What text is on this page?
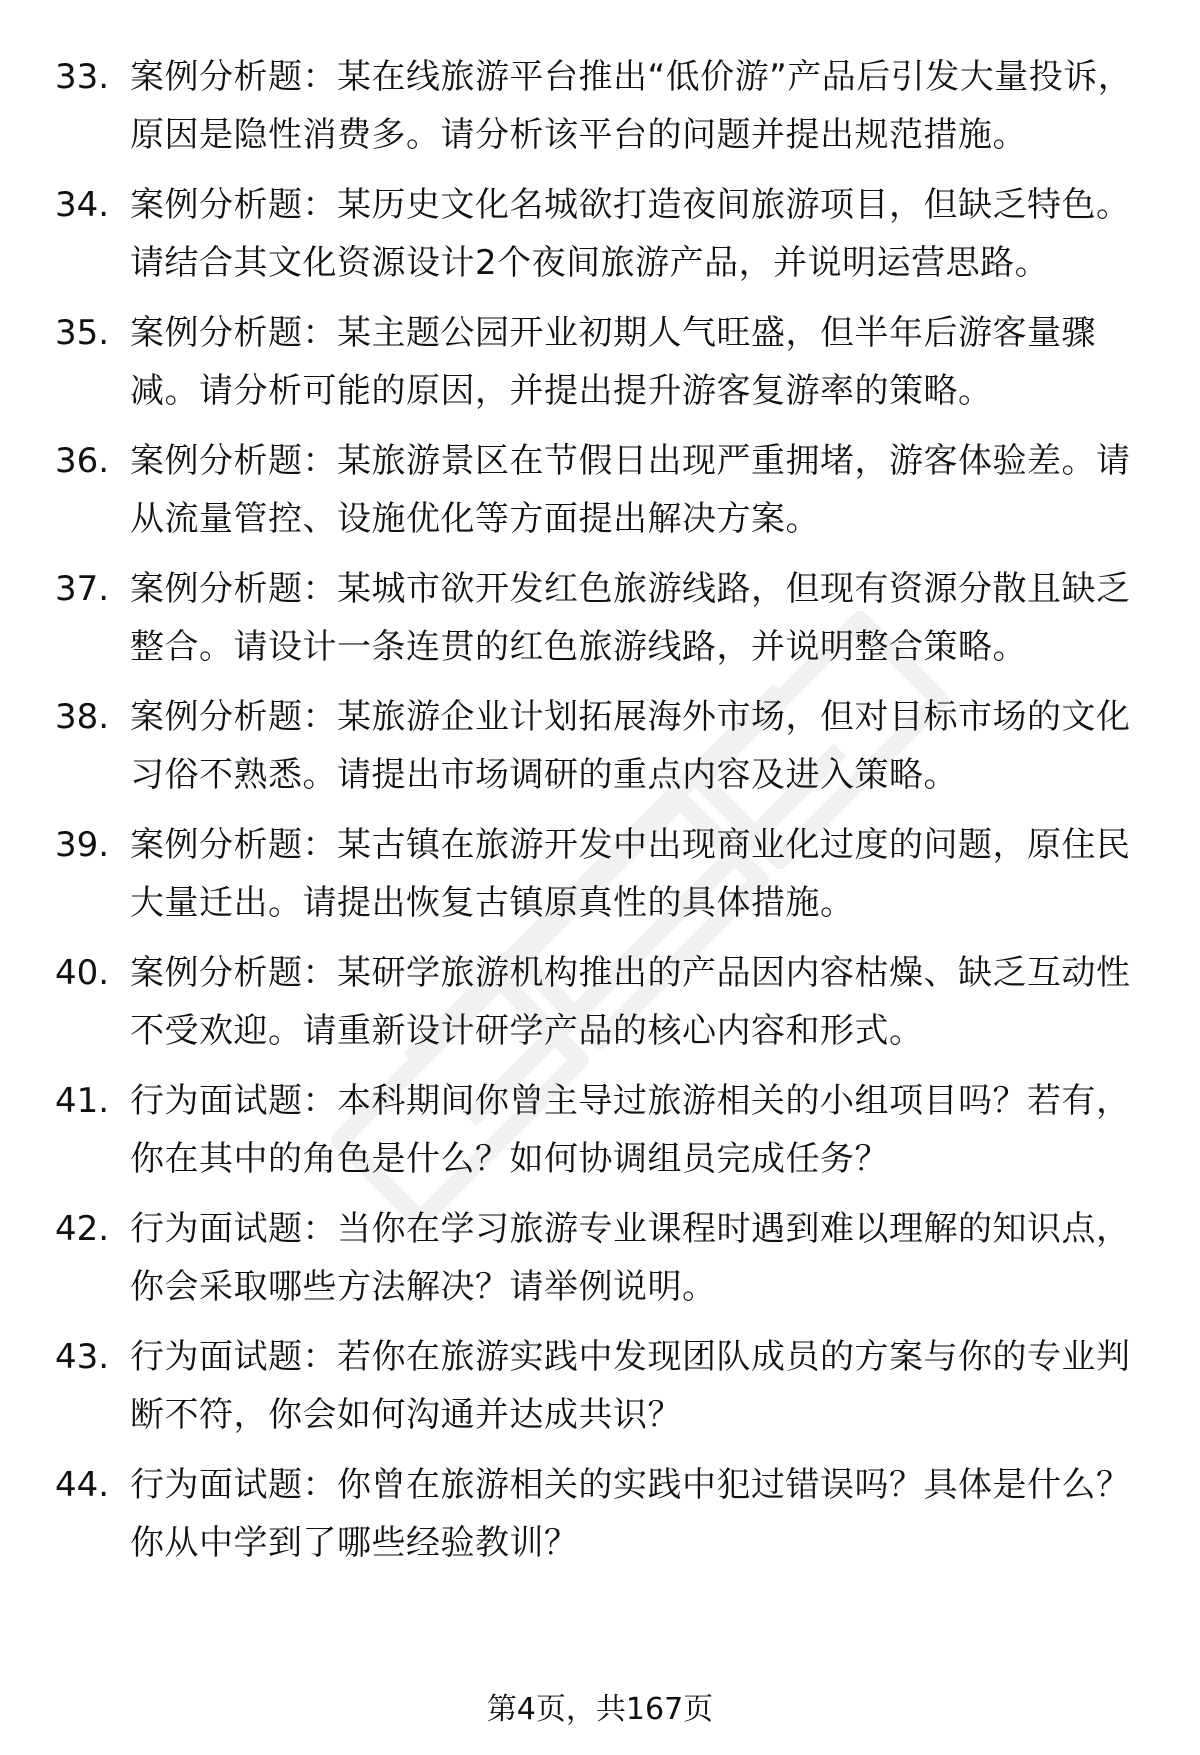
33. 案例分析题：某在线旅游平台推出“低价游”产品后引发大量投诉，原因是隐性消费多。请分析该平台的问题并提出规范措施。
34. 案例分析题：某历史文化名城欲打造夜间旅游项目，但缺乏特色。请结合其文化资源设计2个夜间旅游产品，并说明运营思路。
35. 案例分析题：某主题公园开业初期人气旺盛，但半年后游客量骤减。请分析可能的原因，并提出提升游客复游率的策略。
36. 案例分析题：某旅游景区在节假日出现严重拥堵，游客体验差。请从流量管控、设施优化等方面提出解决方案。
37. 案例分析题：某城市欲开发红色旅游线路，但现有资源分散且缺乏整合。请设计一条连贯的红色旅游线路，并说明整合策略。
38. 案例分析题：某旅游企业计划拓展海外市场，但对目标市场的文化习俗不熟悉。请提出市场调研的重点内容及进入策略。
39. 案例分析题：某古镇在旅游开发中出现商业化过度的问题，原住民大量迁出。请提出恢复古镇原真性的具体措施。
40. 案例分析题：某研学旅游机构推出的产品因内容枯燥、缺乏互动性不受欢迎。请重新设计研学产品的核心内容和形式。
41. 行为面试题：本科期间你曾主导过旅游相关的小组项目吗？若有，你在其中的角色是什么？如何协调组员完成任务？
42. 行为面试题：当你在学习旅游专业课程时遇到难以理解的知识点，你会采取哪些方法解决？请举例说明。
43. 行为面试题：若你在旅游实践中发现团队成员的方案与你的专业判断不符，你会如何沟通并达成共识？
44. 行为面试题：你曾在旅游相关的实践中犯过错误吗？具体是什么？你从中学到了哪些经验教训？
第4页，共167页
